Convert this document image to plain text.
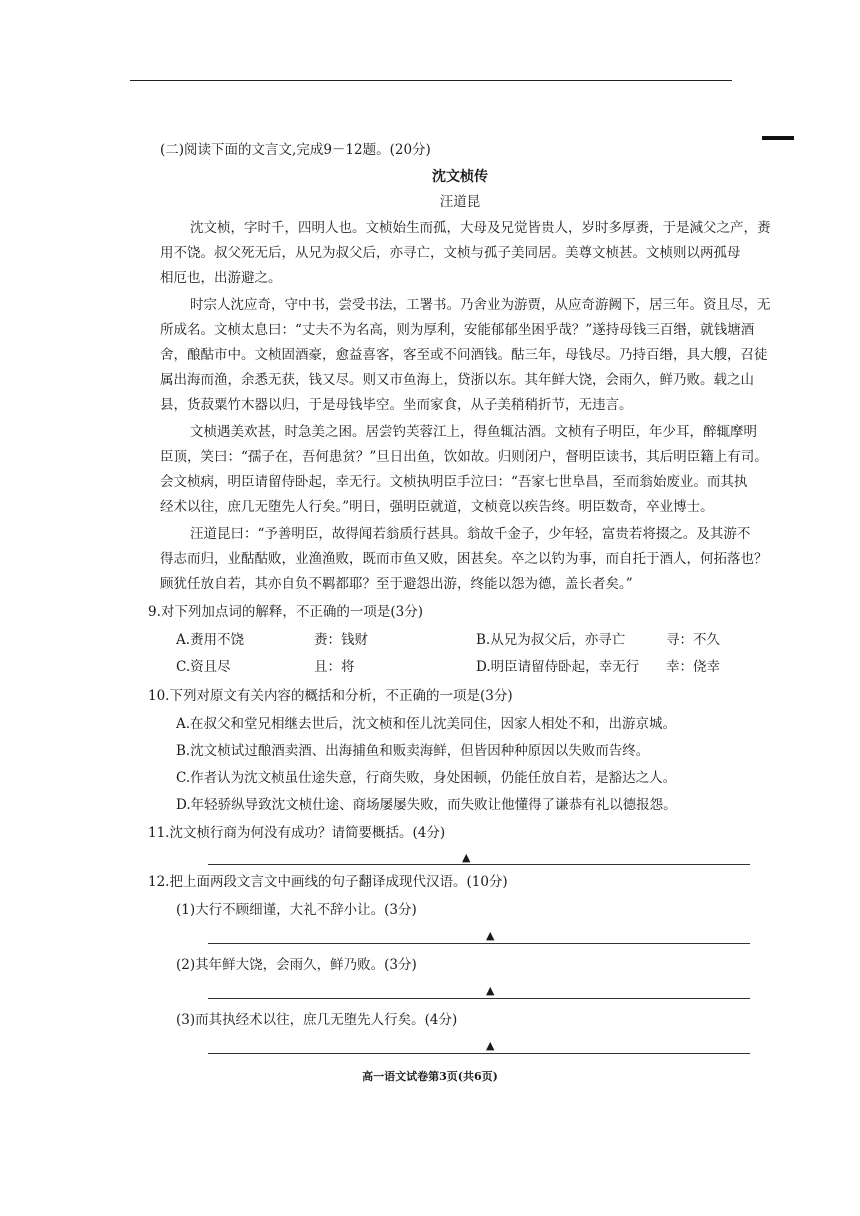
(二)阅读下面的文言文,完成9－12题。(20分)
沈文桢传
汪道昆
沈文桢，字时千，四明人也。文桢始生而孤，大母及兄觉皆贵人，岁时多厚赉，于是減父之产，赉
用不饶。叔父死无后，从兄为叔父后，亦寻亡，文桢与孤子美同居。美尊文桢甚。文桢则以两孤母
相厄也，出游避之。
时宗人沈应奇，守中书，尝受书法，工署书。乃舍业为游贾，从应奇游阙下，居三年。资且尽，无
所成名。文桢太息曰：“丈夫不为名高，则为厚利，安能郁郁坐困乎哉？”遂持母钱三百缗，就钱塘酒
舍，酿酤市中。文桢固酒豪，愈益喜客，客至或不问酒钱。酤三年，母钱尽。乃持百缗，具大艘，召徒
属出海而渔，余悉无获，钱又尽。则又市鱼海上，贷浙以东。其年鲜大饶，会雨久，鲜乃败。载之山
县，货菽粟竹木器以归，于是母钱毕空。坐而家食，从子美稍稍折节，无违言。
文桢遇美欢甚，时急美之困。居尝钓芙蓉江上，得鱼辄沽酒。文桢有子明臣，年少耳，醉辄摩明
臣顶，笑曰：“孺子在，吾何患贫？”旦日出鱼，饮如故。归则闭户，督明臣读书，其后明臣籍上有司。
会文桢病，明臣请留侍卧起，幸无行。文桢执明臣手泣曰：“吾家七世阜昌，至而翁始废业。而其执
经术以往，庶几无堕先人行矣。”明日，强明臣就道，文桢竟以疾告终。明臣数奇，卒业博士。
汪道昆曰：“予善明臣，故得闻若翁质行甚具。翁故千金子，少年轻，富贵若将掇之。及其游不
得志而归，业酤酤败，业渔渔败，既而市鱼又败，困甚矣。卒之以钓为事，而自托于酒人，何拓落也？
顾犹任放自若，其亦自负不羁都耶？至于避怨出游，终能以怨为德，盖长者矣。”
9.对下列加点词的解释，不正确的一项是(3分)
A.赉用不饶	赉：钱财	B.从兄为叔父后，亦寻亡	寻：不久
C.资且尽	且：将	D.明臣请留侍卧起，幸无行 幸：侥幸
10.下列对原文有关内容的概括和分析，不正确的一项是(3分)
A.在叔父和堂兄相继去世后，沈文桢和侄儿沈美同住，因家人相处不和，出游京城。
B.沈文桢试过酿酒卖酒、出海捕鱼和贩卖海鲜，但皆因种种原因以失败而告终。
C.作者认为沈文桢虽仕途失意，行商失败，身处困顿，仍能任放自若，是豁达之人。
D.年轻骄纵导致沈文桢仕途、商场屡屡失败，而失败让他懂得了谦恭有礼以德报怨。
11.沈文桢行商为何没有成功？请简要概括。(4分)
▲
12.把上面两段文言文中画线的句子翻译成现代汉语。(10分)
(1)大行不顾细谨，大礼不辞小让。(3分)
▲
(2)其年鲜大饶，会雨久，鲜乃败。(3分)
▲
(3)而其执经术以往，庶几无堕先人行矣。(4分)
▲
高一语文试卷第3页(共6页)
